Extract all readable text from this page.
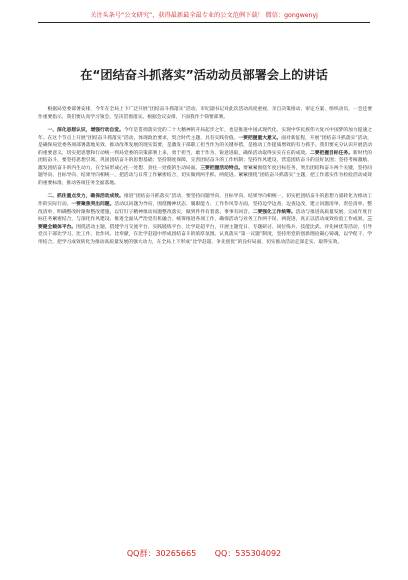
关注头条号“公文研究”，获得最新最全最专业的公文范例下载！ 微信：gongwenyj
在“团结奋斗抓落实”活动动员部署会上的讲话

根据局党委部署安排，今年在全局上下广泛开展“团结奋斗抓落实”活动。市纪副书记对此次活动高度重视，亲自决策推动、审定方案、组织动员，一会还要作重要指示，我们要认真学习领会，坚决贯彻落实。根据会议安排，下面我作个简要部署。

一、深化思想认识，增强行动自觉。今年是贯彻落实党的二十大精神的开局起步之年，也是推进中国式现代化、实现中华民族伟大复兴中国梦的加力提速之年。在这个节点上开展“团结奋斗抓落实”活动，体现政治要求，契合时代主题，具有实践价值。一要把握重大意义。面对新征程，开展“团结奋斗抓落实”活动，是确保局党委各项部署落地见效、推动改革发展的现实需要，是激发干部职工担当作为的关键举措，是推动工作提质增效的有力抓手。我们要充分认识开展活动的重要意义，切实把思想和行动统一到局党委的决策部署上来，勇于担当、敢于作为、锐意进取，确保活动取得实实在在的成效。二要把握目标任务。新时代的团结奋斗，要坚持思想引领，巩固团结奋斗的思想基础；坚持制度保障，完善团结奋斗的工作机制；坚持作风建设，营造团结奋斗的良好氛围；坚持考核激励，激发团结奋斗的内生动力，在全局形成心往一处想、劲往一处使的生动局面。三要把握活动特点。要紧紧围绕年度目标任务，突出团结和奋斗两个关键，坚持问题导向、目标导向、结果导向相统一，把活动与日常工作紧密结合，切实做到两手抓、两促进。紧紧围绕“团结奋斗抓落实”主题，把工作落实作为检验活动成效的重要标准，推动各项任务全面落地。

二、抓住重点发力，确保活动成效。推进“团结奋斗抓落实”活动，要坚持问题导向、目标导向、结果导向相统一，切实把团结奋斗的思想力量转化为推动工作的实际行动。一要聚焦突出问题。活动以问题为导向，围绕精神状态、履职能力、工作作风等方面，坚持边学边查、边查边改，建立问题清单、责任清单、整改清单，明确整改时限和整改措施，以钉钉子精神推动问题整改落实，做到件件有着落、事事有回音。二要强化工作统筹。活动与推进高质量发展、完成年度目标任务紧密结合，与深化作风建设、推进全面从严治党有机融合，统筹推进各项工作，确保活动与业务工作两不误、两促进，真正以活动成效检验工作成果。三要健全载体平台。围绕活动主题，搭建学习交流平台、实践锻炼平台、比学赶超平台，开展主题党日、专题研讨、岗位练兵、技能比武、评先树优等活动，引导党员干部比学习、比工作、比作风、比奉献，在比学赶超中形成团结奋斗的浓厚氛围。认真落实“第一议题”制度，坚持用党的创新理论凝心铸魂，以学促干、学用结合，把学习成效转化为推动高质量发展的强大动力，在全局上下形成“比学赶超、争先创优”的良好局面，切实推动活动走深走实、取得实效。

QQ群：30265665 QQ：535304092
